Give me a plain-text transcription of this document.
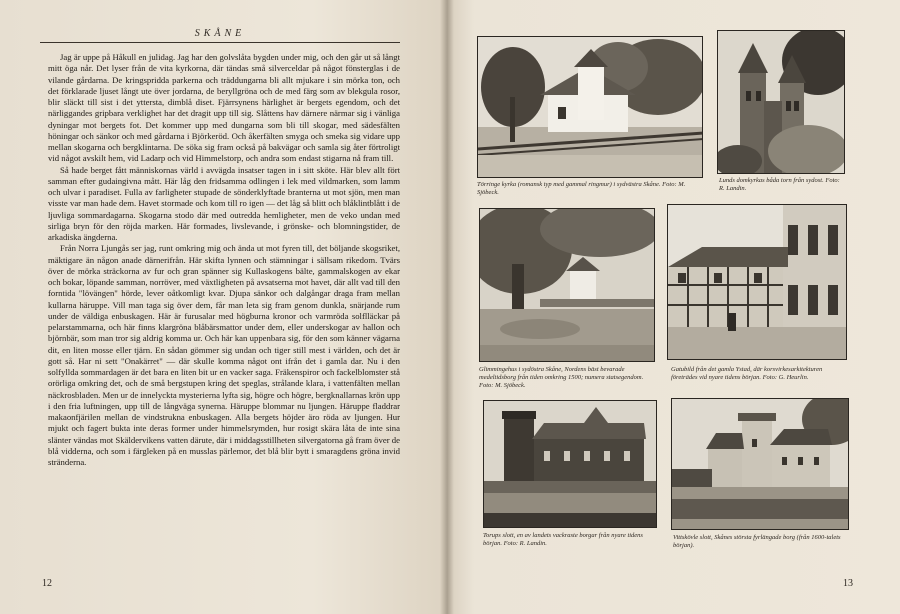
SKÅNE

Jag är uppe på Håkull en julidag. Jag har den golvslåta bygden under mig, och den går ut så långt mitt öga når. Det lyser från de vita kyrkorna, där tändas små silverceldar på något fönsterglas i de vilande gårdarna. De kringspridda parkerna och träddungarna bli allt mjukare i sin mörka ton, och det förklarade ljuset långt ute över jordarna, de beryllgröna och de med färg som av blekgula rosor, blir släckt till sist i det yttersta, dimblå diset. Fjärrsynens härlighet är bergets egendom, och det närliggandes gripbara verklighet har det dragit upp till sig. Slåttens hav därnere närmar sig i vänliga dyningar mot bergets fot. Det kommer upp med dungarna som bli till skogar, med sädesfälten höningar och sänkor och med gårdarna i Björkeröd. Och åkerfälten smyga och smeka sig vidare upp mellan skogarna och bergklintarna. De söka sig fram också på bakvägar och samla sig åter förtroligt vid något avskilt hem, vid Ladarp och vid Himmelstorp, och andra som endast stigarna nå fram till.

Så hade berget fått människornas värld i avvägda insatser tagen in i sitt sköte. Här blev allt fört samman efter gudaingivna mått. Här låg den fridsamma odlingen i lek med vildmarken, som lamm och ulvar i paradiset. Fulla av farligheter stupade de sönderklyftade branterna ut mot sjön, men man visste var man hade dem. Havet stormade och kom till ro igen — det låg så blitt och blåklintblått i de ljuvliga sommardagarna. Skogarna stodo där med outredda hemligheter, men de veko undan med sirliga bryn för den röjda marken. Här formades, livslevande, i grönske- och blomningstider, de arkadiska ängderna.

Från Norra Ljungås ser jag, runt omkring mig och ända ut mot fyren till, det böljande skogsriket, mäktigare än någon anade därnerifrån. Här skifta lynnen och stämningar i sällsam rikedom. Tvärs över de mörka sträckorna av fur och gran spänner sig Kullaskogens bälte, gammalskogen av ekar och bokar, löpande samman, norröver, med växtligheten på avsatserna mot havet, där allt vad till den forntida "lövängen" hörde, lever oåtkomligt kvar. Djupa sänkor och dalgångar draga fram mellan kullarna häruppe. Vill man taga sig över dem, får man leta sig fram genom dunkla, snärjande rum under de väldiga enbuskagen. Här är furusalar med högburna kronor och varmröda solflläckar på pelarstammarna, och här finns klargröna blåbärsmattor under dem, eller underskogar av hallon och björnbär, som man tror sig aldrig komma ur. Och här kan uppenbara sig, för den som känner vägarna dit, en liten mosse eller tjärn. En sådan gömmer sig undan och tiger still mest i världen, och det är gott så. Har ni sett "Onakärret" — där skulle komma något ont ifrån det i gamla dar. Nu i den solfyllda sommardagen är det bara en liten bit ur en vacker saga. Fräkenspiror och fackelblomster stå orörliga omkring det, och de små bergstupen kring det speglas, strålande klara, i vattenfälten mellan näckrosbladen. Men ur de innelyckta mysterierna lyfta sig, högre och högre, bergknallarnas krön upp i den fria luftningen, upp till de långväga synerna. Häruppe blommar nu ljungen. Häruppe fladdrar makaonfjärilen mellan de vindstrukna enbuskagen. Alla bergets höjder äro röda av ljungen. Hur mjukt och fagert bukta inte deras former under himmelsrymden, hur rosigt skära låta de inte sina slänter vändas mot Skäldervikens vatten därute, där i middagsstillheten silvergatorna gå fram över de blå vidderna, och som i färgleken på en musslas pärlemor, det blå blir bytt i smaragdens gröna invid stränderna.

12
Törringe kyrka (romansk typ med gammal ringmur) i sydvästra Skåne. Foto: M. Sjöbeck.
Lunds domkyrkas båda torn från sydost. Foto: R. Landin.
Glimmingehus i sydöstra Skåne, Nordens bäst bevarade medeltidsborg från tiden omkring 1500; numera statsegendom. Foto: M. Sjöbeck.
Gatubild från det gamla Ystad, där korsvirkesarkitekturen företrädes vid nyare tidens början. Foto: G. Heurlin.
Torups slott, en av landets vackraste borgar från nyare tidens början. Foto: R. Landin.
Vittskövle slott, Skånes största fyrlängade borg (från 1600-talets början).
13
